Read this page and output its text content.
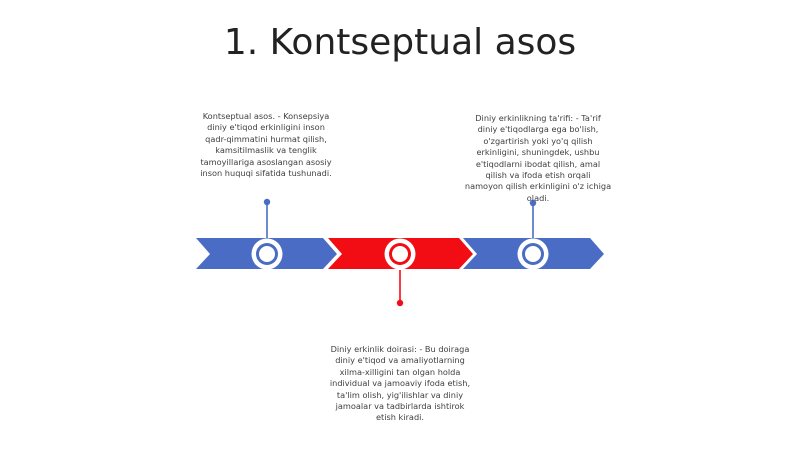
1. Kontseptual asos
Kontseptual asos. - Konsepsiya
diniy e'tiqod erkinligini inson
qadr-qimmatini hurmat qilish,
kamsitilmaslik va tenglik
tamoyillariga asoslangan asosiy
inson huquqi sifatida tushunadi.
Diniy erkinlikning ta'rifi: - Ta'rif
diniy e'tiqodlarga ega bo'lish,
o'zgartirish yoki yo'q qilish
erkinligini, shuningdek, ushbu
e'tiqodlarni ibodat qilish, amal
qilish va ifoda etish orqali
namoyon qilish erkinligini o'z ichiga
oladi.
Diniy erkinlik doirasi: - Bu doiraga
diniy e'tiqod va amaliyotlarning
xilma-xilligini tan olgan holda
individual va jamoaviy ifoda etish,
ta'lim olish, yig'ilishlar va diniy
jamoalar va tadbirlarda ishtirok
etish kiradi.
